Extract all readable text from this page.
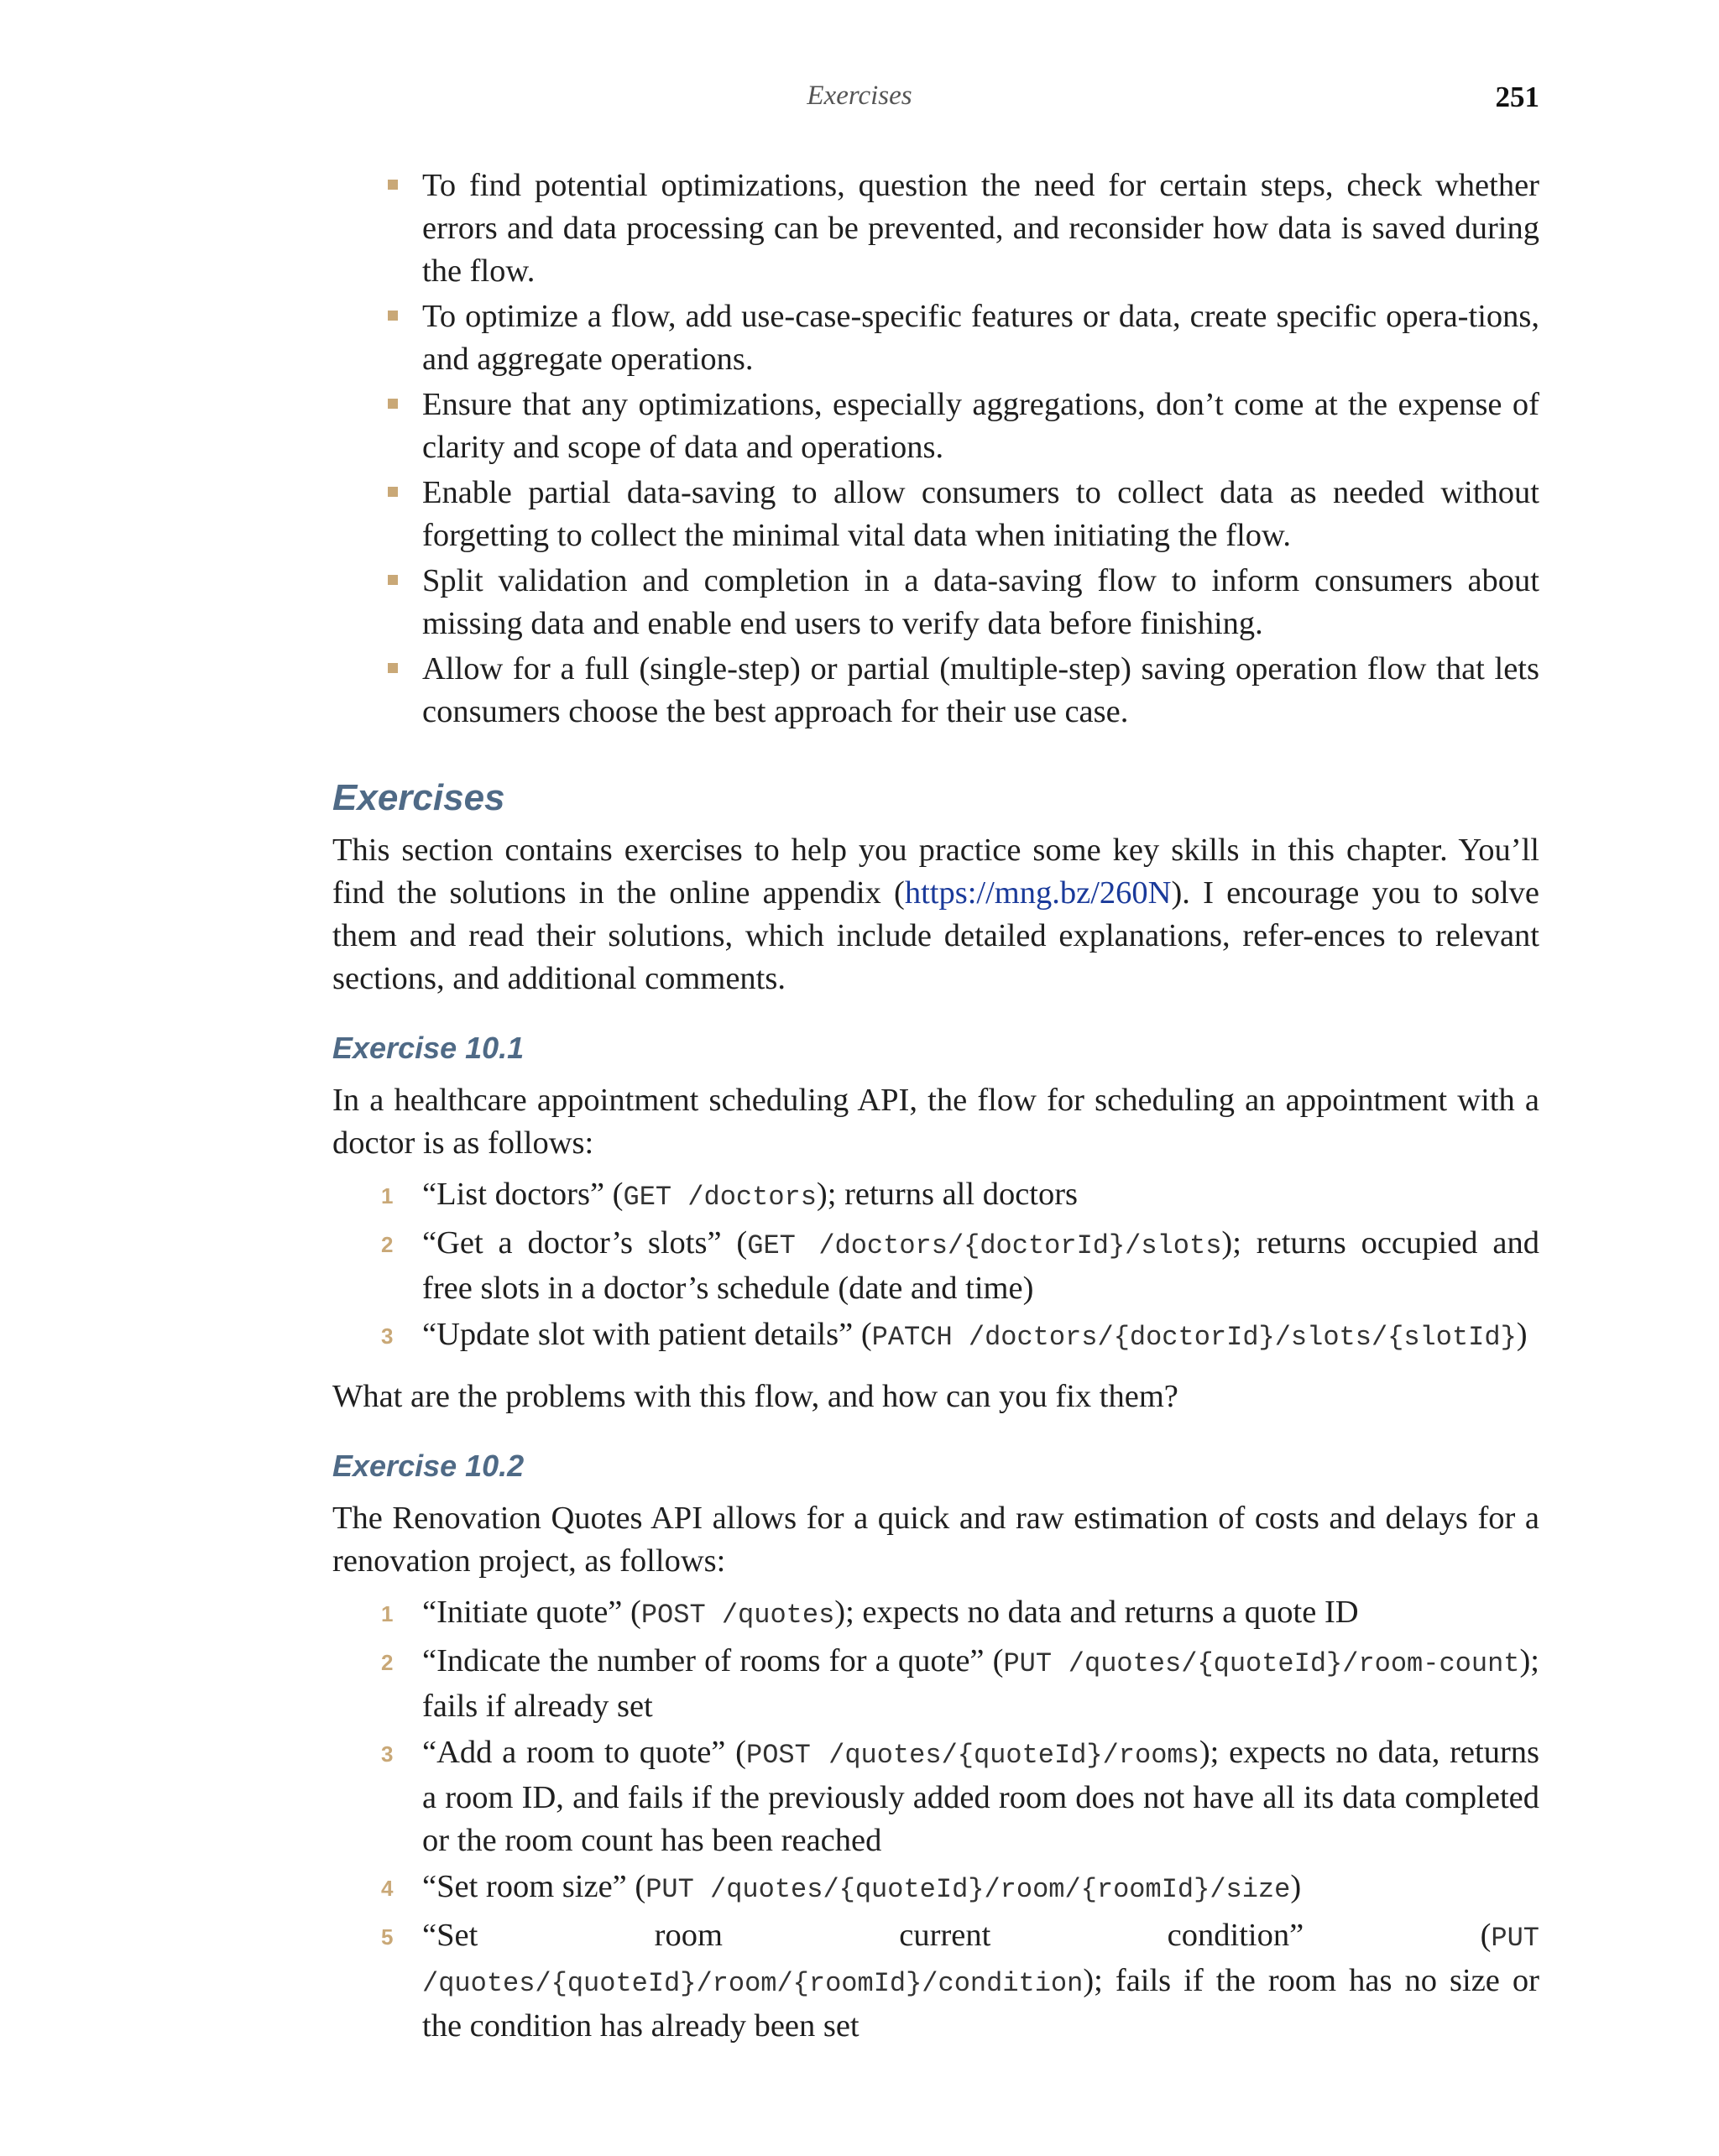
Exercises	251
To find potential optimizations, question the need for certain steps, check whether errors and data processing can be prevented, and reconsider how data is saved during the flow.
To optimize a flow, add use-case-specific features or data, create specific opera-tions, and aggregate operations.
Ensure that any optimizations, especially aggregations, don’t come at the expense of clarity and scope of data and operations.
Enable partial data-saving to allow consumers to collect data as needed without forgetting to collect the minimal vital data when initiating the flow.
Split validation and completion in a data-saving flow to inform consumers about missing data and enable end users to verify data before finishing.
Allow for a full (single-step) or partial (multiple-step) saving operation flow that lets consumers choose the best approach for their use case.
Exercises

This section contains exercises to help you practice some key skills in this chapter. You’ll find the solutions in the online appendix (https://mng.bz/260N). I encourage you to solve them and read their solutions, which include detailed explanations, refer-ences to relevant sections, and additional comments.

Exercise 10.1

In a healthcare appointment scheduling API, the flow for scheduling an appointment with a doctor is as follows:

1 “List doctors” (GET /doctors); returns all doctors
2 “Get a doctor’s slots” (GET /doctors/{doctorId}/slots); returns occupied and free slots in a doctor’s schedule (date and time)
3 “Update slot with patient details” (PATCH /doctors/{doctorId}/slots/{slotId})

What are the problems with this flow, and how can you fix them?

Exercise 10.2

The Renovation Quotes API allows for a quick and raw estimation of costs and delays for a renovation project, as follows:

1 “Initiate quote” (POST /quotes); expects no data and returns a quote ID
2 “Indicate the number of rooms for a quote” (PUT /quotes/{quoteId}/room-count); fails if already set
3 “Add a room to quote” (POST /quotes/{quoteId}/rooms); expects no data, returns a room ID, and fails if the previously added room does not have all its data completed or the room count has been reached
4 “Set room size” (PUT /quotes/{quoteId}/room/{roomId}/size)
5 “Set room current condition” (PUT /quotes/{quoteId}/room/{roomId}/condition); fails if the room has no size or the condition has already been set
